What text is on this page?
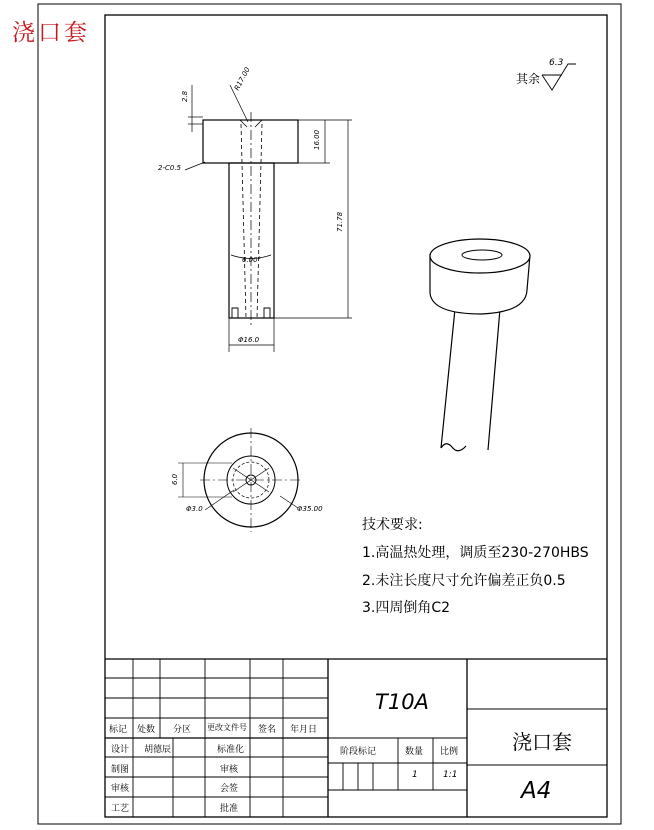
浇口套
其余
6.3
2.8
R17.00
2-C0.5
16.00
71.78
6.00°
Φ16.0
6.0
Φ3.0	Φ35.00
技术要求:
1.高温热处理，调质至230-270HBS
2.未注长度尺寸允许偏差正负0.5
3.四周倒角C2
T10A
浇口套
A4
标记 处数 分区 更改文件号 签名 年月日
设计 胡德辰	标准化
制图	审核
审核	会签
工艺	批准
阶段标记	数量 比例
1	1:1
